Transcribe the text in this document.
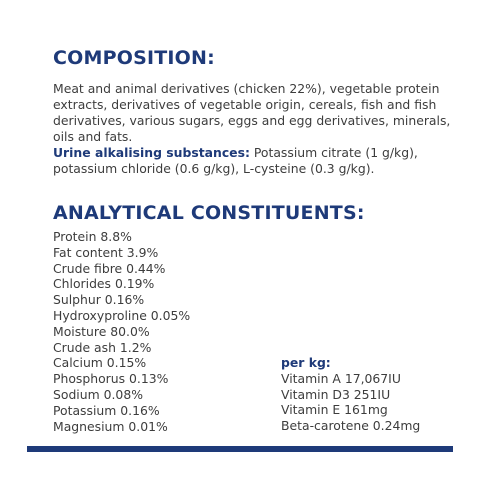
COMPOSITION:

Meat and animal derivatives (chicken 22%), vegetable protein extracts, derivatives of vegetable origin, cereals, fish and fish derivatives, various sugars, eggs and egg derivatives, minerals, oils and fats.
Urine alkalising substances: Potassium citrate (1 g/kg), potassium chloride (0.6 g/kg), L-cysteine (0.3 g/kg).

ANALYTICAL CONSTITUENTS:
Protein 8.8%
Fat content 3.9%
Crude fibre 0.44%
Chlorides 0.19%
Sulphur 0.16%
Hydroxyproline 0.05%
Moisture 80.0%
Crude ash 1.2%
Calcium 0.15%
Phosphorus 0.13%
Sodium 0.08%
Potassium 0.16%
Magnesium 0.01%
per kg:
Vitamin A 17,067IU
Vitamin D3 251IU
Vitamin E 161mg
Beta-carotene 0.24mg
